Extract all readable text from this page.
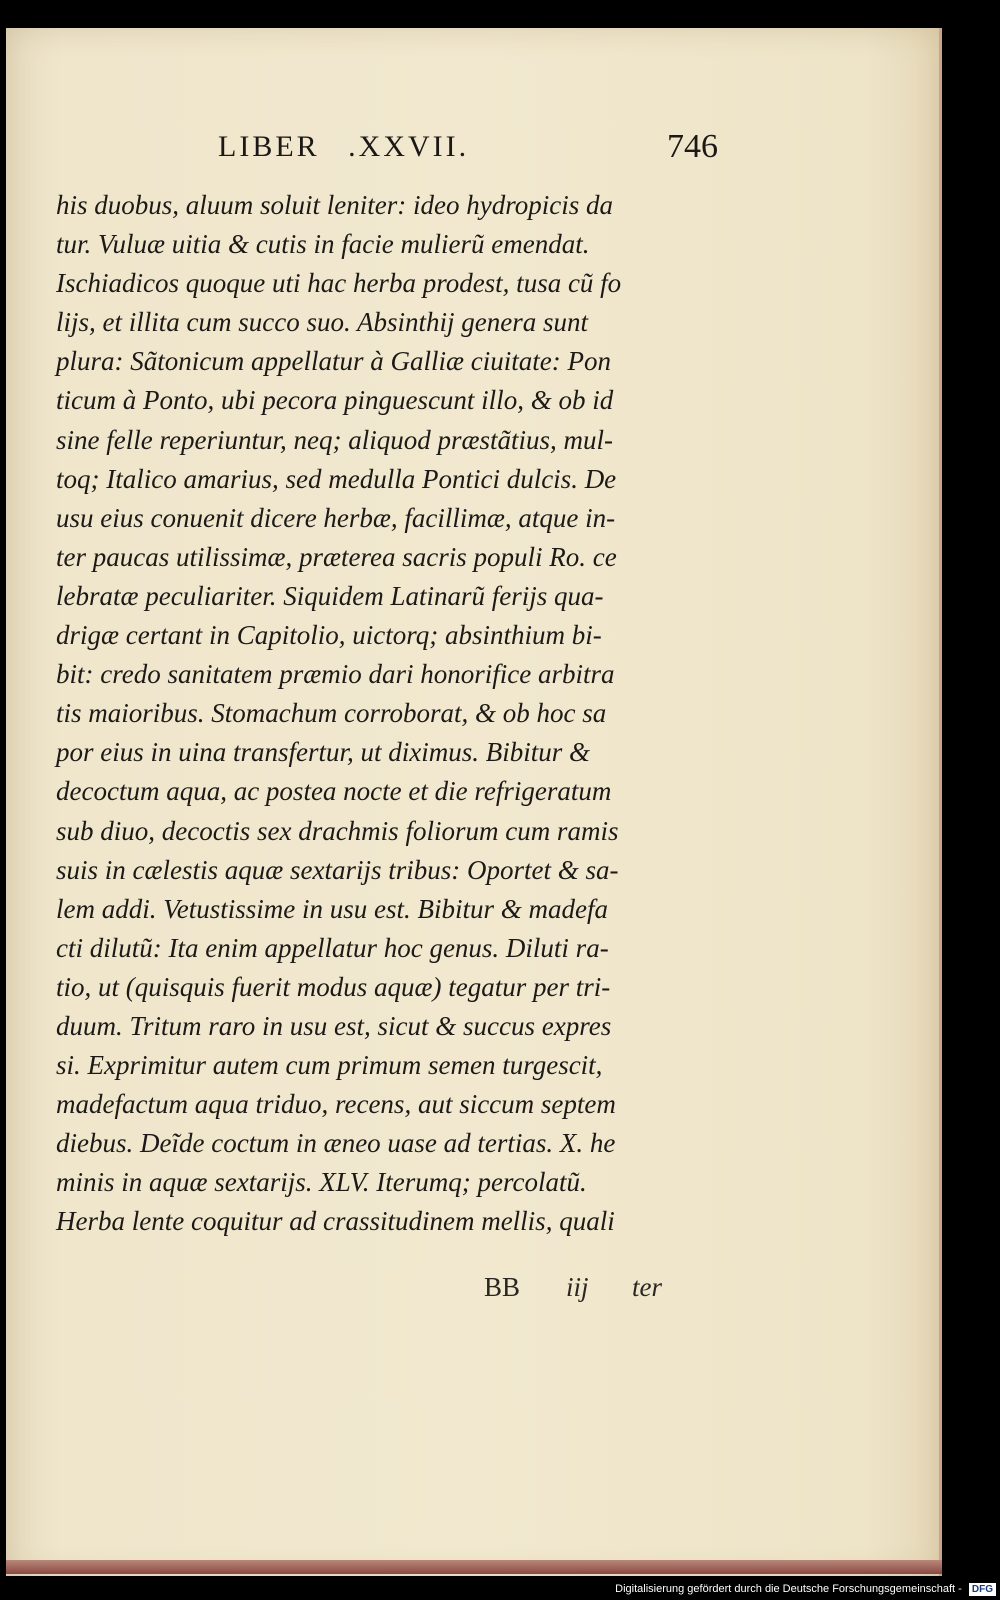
LIBER .XXVII.	746
his duobus, aluum soluit leniter: ideo hydropicis da
tur. Vuluæ uitia & cutis in facie mulierũ emendat.
Ischiadicos quoque uti hac herba prodest, tusa cũ fo
lijs, et illita cum succo suo. Absinthij genera sunt
plura: Sãtonicum appellatur à Galliæ ciuitate: Pon
ticum à Ponto, ubi pecora pinguescunt illo, & ob id
sine felle reperiuntur, neq; aliquod præstãtius, mul-
toq; Italico amarius, sed medulla Pontici dulcis. De
usu eius conuenit dicere herbæ, facillimæ, atque in-
ter paucas utilissimæ, præterea sacris populi Ro. ce
lebratæ peculiariter. Siquidem Latinarũ ferijs qua-
drigæ certant in Capitolio, uictorq; absinthium bi-
bit: credo sanitatem præmio dari honorifice arbitra
tis maioribus. Stomachum corroborat, & ob hoc sa
por eius in uina transfertur, ut diximus. Bibitur &
decoctum aqua, ac postea nocte et die refrigeratum
sub diuo, decoctis sex drachmis foliorum cum ramis
suis in cælestis aquæ sextarijs tribus: Oportet & sa-
lem addi. Vetustissime in usu est. Bibitur & madefa
cti dilutũ: Ita enim appellatur hoc genus. Diluti ra-
tio, ut (quisquis fuerit modus aquæ) tegatur per tri-
duum. Tritum raro in usu est, sicut & succus expres
si. Exprimitur autem cum primum semen turgescit,
madefactum aqua triduo, recens, aut siccum septem
diebus. Deĩde coctum in æneo uase ad tertias. X. he
minis in aquæ sextarijs. XLV. Iterumq; percolatũ.
Herba lente coquitur ad crassitudinem mellis, quali
BB iij ter
Digitalisierung gefördert durch die Deutsche Forschungsgemeinschaft - DFG
